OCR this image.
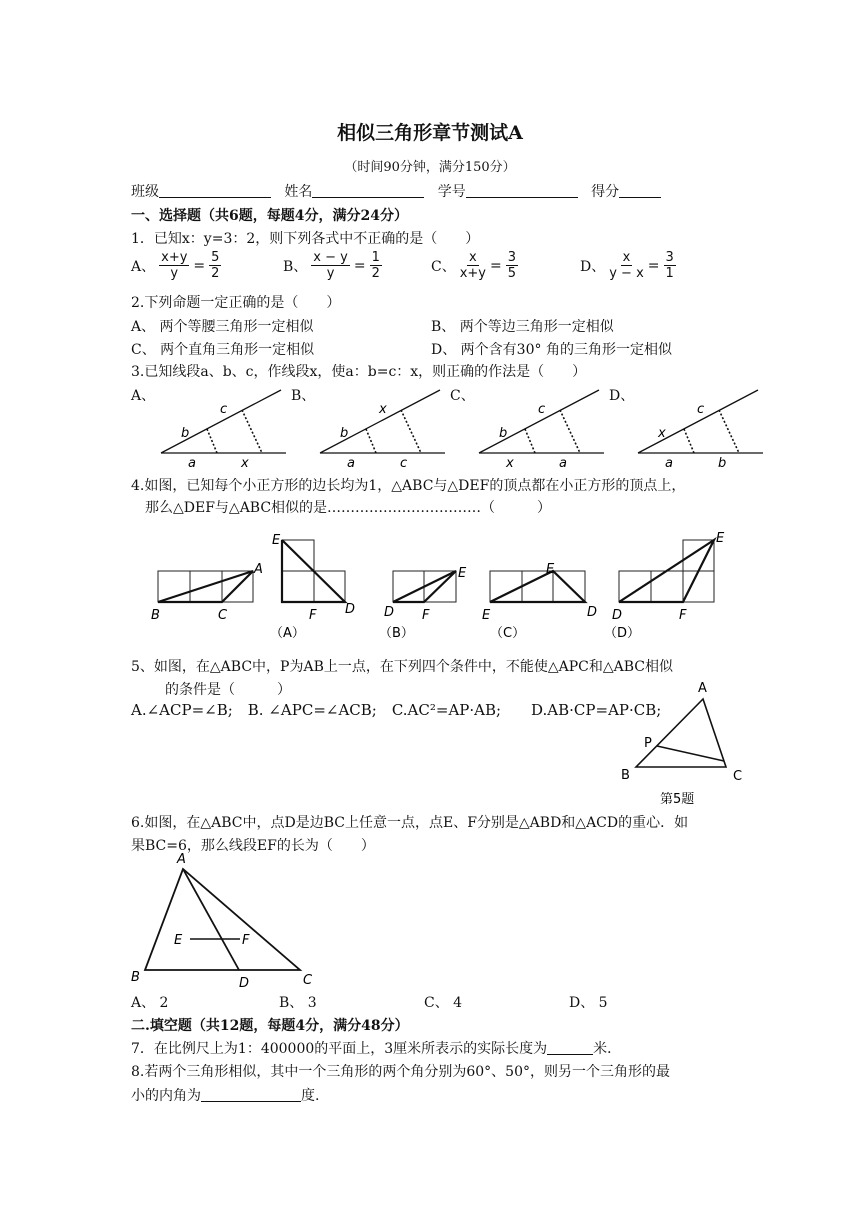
相似三角形章节测试A
（时间90分钟，满分150分）
班级	姓名	学号	得分
一、选择题（共6题，每题4分，满分24分）
1．已知x：y=3：2，则下列各式中不正确的是（　　）
A、 $\frac{x+y}{y} = \frac{5}{2}$	B、 $\frac{x - y}{y} = \frac{1}{2}$	C、 $\frac{x}{x+y} = \frac{3}{5}$	D、 $\frac{x}{y - x} = \frac{3}{1}$
2.下列命题一定正确的是（　　）
A、 两个等腰三角形一定相似	B、 两个等边三角形一定相似
C、 两个直角三角形一定相似	D、 两个含有30° 角的三角形一定相似
3.已知线段a、b、c，作线段x，使a：b=c：x，则正确的作法是（　　）
A、	B、	C、	D、
c
b
a	x
x
b
a	c
c
b
x	a
c
x
a	b
4.如图，已知每个小正方形的边长均为1，△ABC与△DEF的顶点都在小正方形的顶点上，
那么△DEF与△ABC相似的是……………………………（　　　）
A
B	C
E
F D
E
D F
E
E	D
E
D	F
（A）	（B）	（C）	（D）
5、如图，在△ABC中，P为AB上一点，在下列四个条件中，不能使△APC和△ABC相似
的条件是（　　　）
A.∠ACP=∠B;　B. ∠APC=∠ACB;　C.AC²=AP·AB;　　D.AB·CP=AP·CB;
A
P
B	C
第5题
6.如图，在△ABC中，点D是边BC上任意一点，点E、F分别是△ABD和△ACD的重心．如
果BC=6，那么线段EF的长为（　　）
A
B	C
D
E	F
A、 2	B、 3	C、 4	D、 5
二.填空题（共12题，每题4分，满分48分）
7．在比例尺上为1：400000的平面上，3厘米所表示的实际长度为	米．
8.若两个三角形相似，其中一个三角形的两个角分别为60°、50°，则另一个三角形的最
小的内角为	度.
